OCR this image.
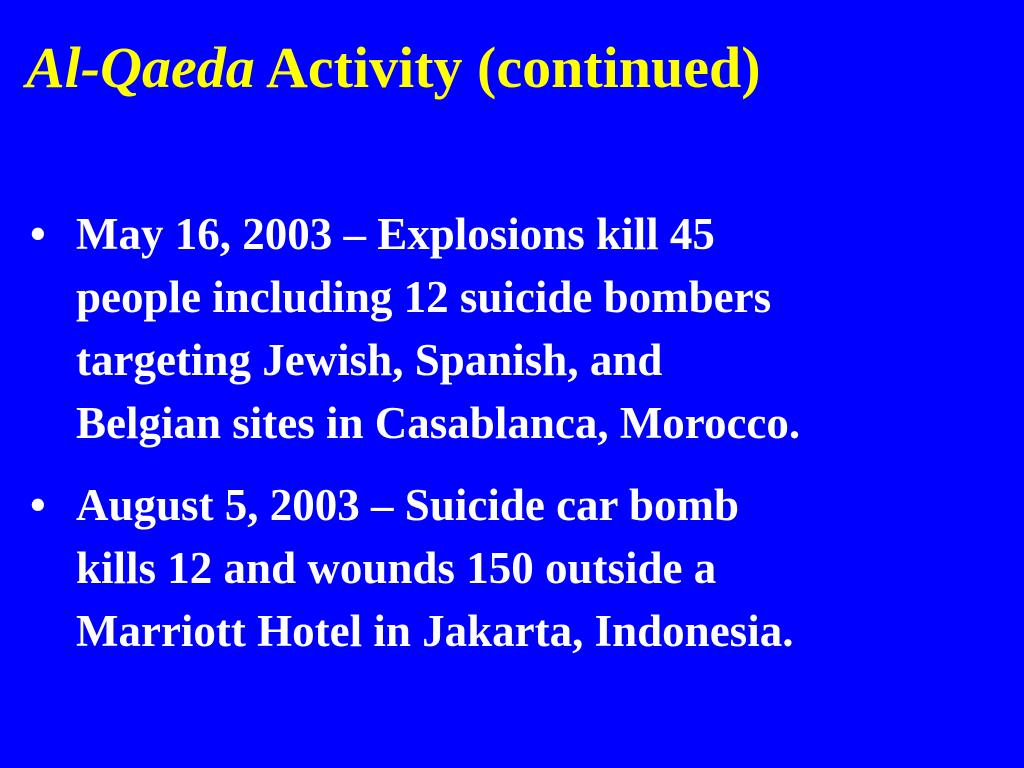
Al-Qaeda Activity (continued)
• May 16, 2003 – Explosions kill 45
people including 12 suicide bombers
targeting Jewish, Spanish, and
Belgian sites in Casablanca, Morocco.
• August 5, 2003 – Suicide car bomb
kills 12 and wounds 150 outside a
Marriott Hotel in Jakarta, Indonesia.
